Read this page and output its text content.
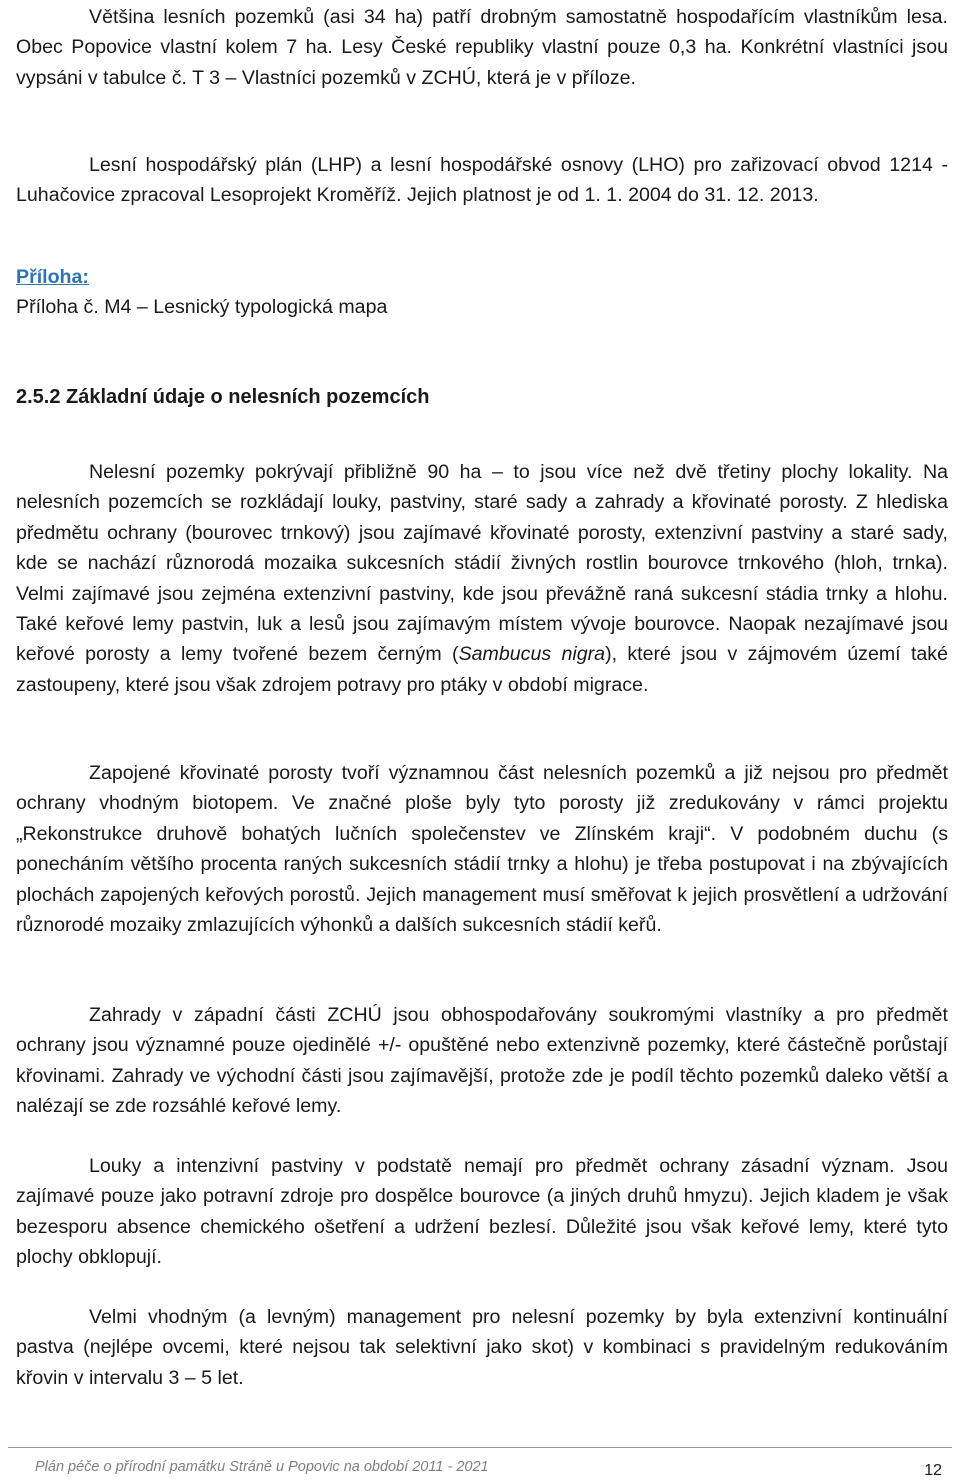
Většina lesních pozemků (asi 34 ha) patří drobným samostatně hospodařícím vlastníkům lesa. Obec Popovice vlastní kolem 7 ha. Lesy České republiky vlastní pouze 0,3 ha. Konkrétní vlastníci jsou vypsáni v tabulce č. T 3 – Vlastníci pozemků v ZCHÚ, která je v příloze.

Lesní hospodářský plán (LHP) a lesní hospodářské osnovy (LHO) pro zařizovací obvod 1214 - Luhačovice zpracoval Lesoprojekt Kroměříž. Jejich platnost je od 1. 1. 2004 do 31. 12. 2013.

Příloha:

Příloha č. M4 – Lesnický typologická mapa

2.5.2 Základní údaje o nelesních pozemcích

Nelesní pozemky pokrývají přibližně 90 ha – to jsou více než dvě třetiny plochy lokality. Na nelesních pozemcích se rozkládají louky, pastviny, staré sady a zahrady a křovinaté porosty. Z hlediska předmětu ochrany (bourovec trnkový) jsou zajímavé křovinaté porosty, extenzivní pastviny a staré sady, kde se nachází různorodá mozaika sukcesních stádií živných rostlin bourovce trnkového (hloh, trnka). Velmi zajímavé jsou zejména extenzivní pastviny, kde jsou převážně raná sukcesní stádia trnky a hlohu. Také keřové lemy pastvin, luk a lesů jsou zajímavým místem vývoje bourovce. Naopak nezajímavé jsou keřové porosty a lemy tvořené bezem černým (Sambucus nigra), které jsou v zájmovém území také zastoupeny, které jsou však zdrojem potravy pro ptáky v období migrace.

Zapojené křovinaté porosty tvoří významnou část nelesních pozemků a již nejsou pro předmět ochrany vhodným biotopem. Ve značné ploše byly tyto porosty již zredukovány v rámci projektu „Rekonstrukce druhově bohatých lučních společenstev ve Zlínském kraji“. V podobném duchu (s ponecháním většího procenta raných sukcesních stádií trnky a hlohu) je třeba postupovat i na zbývajících plochách zapojených keřových porostů. Jejich management musí směřovat k jejich prosvětlení a udržování různorodé mozaiky zmlazujících výhonků a dalších sukcesních stádií keřů.

Zahrady v západní části ZCHÚ jsou obhospodařovány soukromými vlastníky a pro předmět ochrany jsou významné pouze ojedinělé +/- opuštěné nebo extenzivně pozemky, které částečně porůstají křovinami. Zahrady ve východní části jsou zajímavější, protože zde je podíl těchto pozemků daleko větší a nalézají se zde rozsáhlé keřové lemy.

Louky a intenzivní pastviny v podstatě nemají pro předmět ochrany zásadní význam. Jsou zajímavé pouze jako potravní zdroje pro dospělce bourovce (a jiných druhů hmyzu). Jejich kladem je však bezesporu absence chemického ošetření a udržení bezlesí. Důležité jsou však keřové lemy, které tyto plochy obklopují.

Velmi vhodným (a levným) management pro nelesní pozemky by byla extenzivní kontinuální pastva (nejlépe ovcemi, které nejsou tak selektivní jako skot) v kombinaci s pravidelným redukováním křovin v intervalu 3 – 5 let.

Plán péče o přírodní památku Stráně u Popovic na období 2011 - 2021	12
